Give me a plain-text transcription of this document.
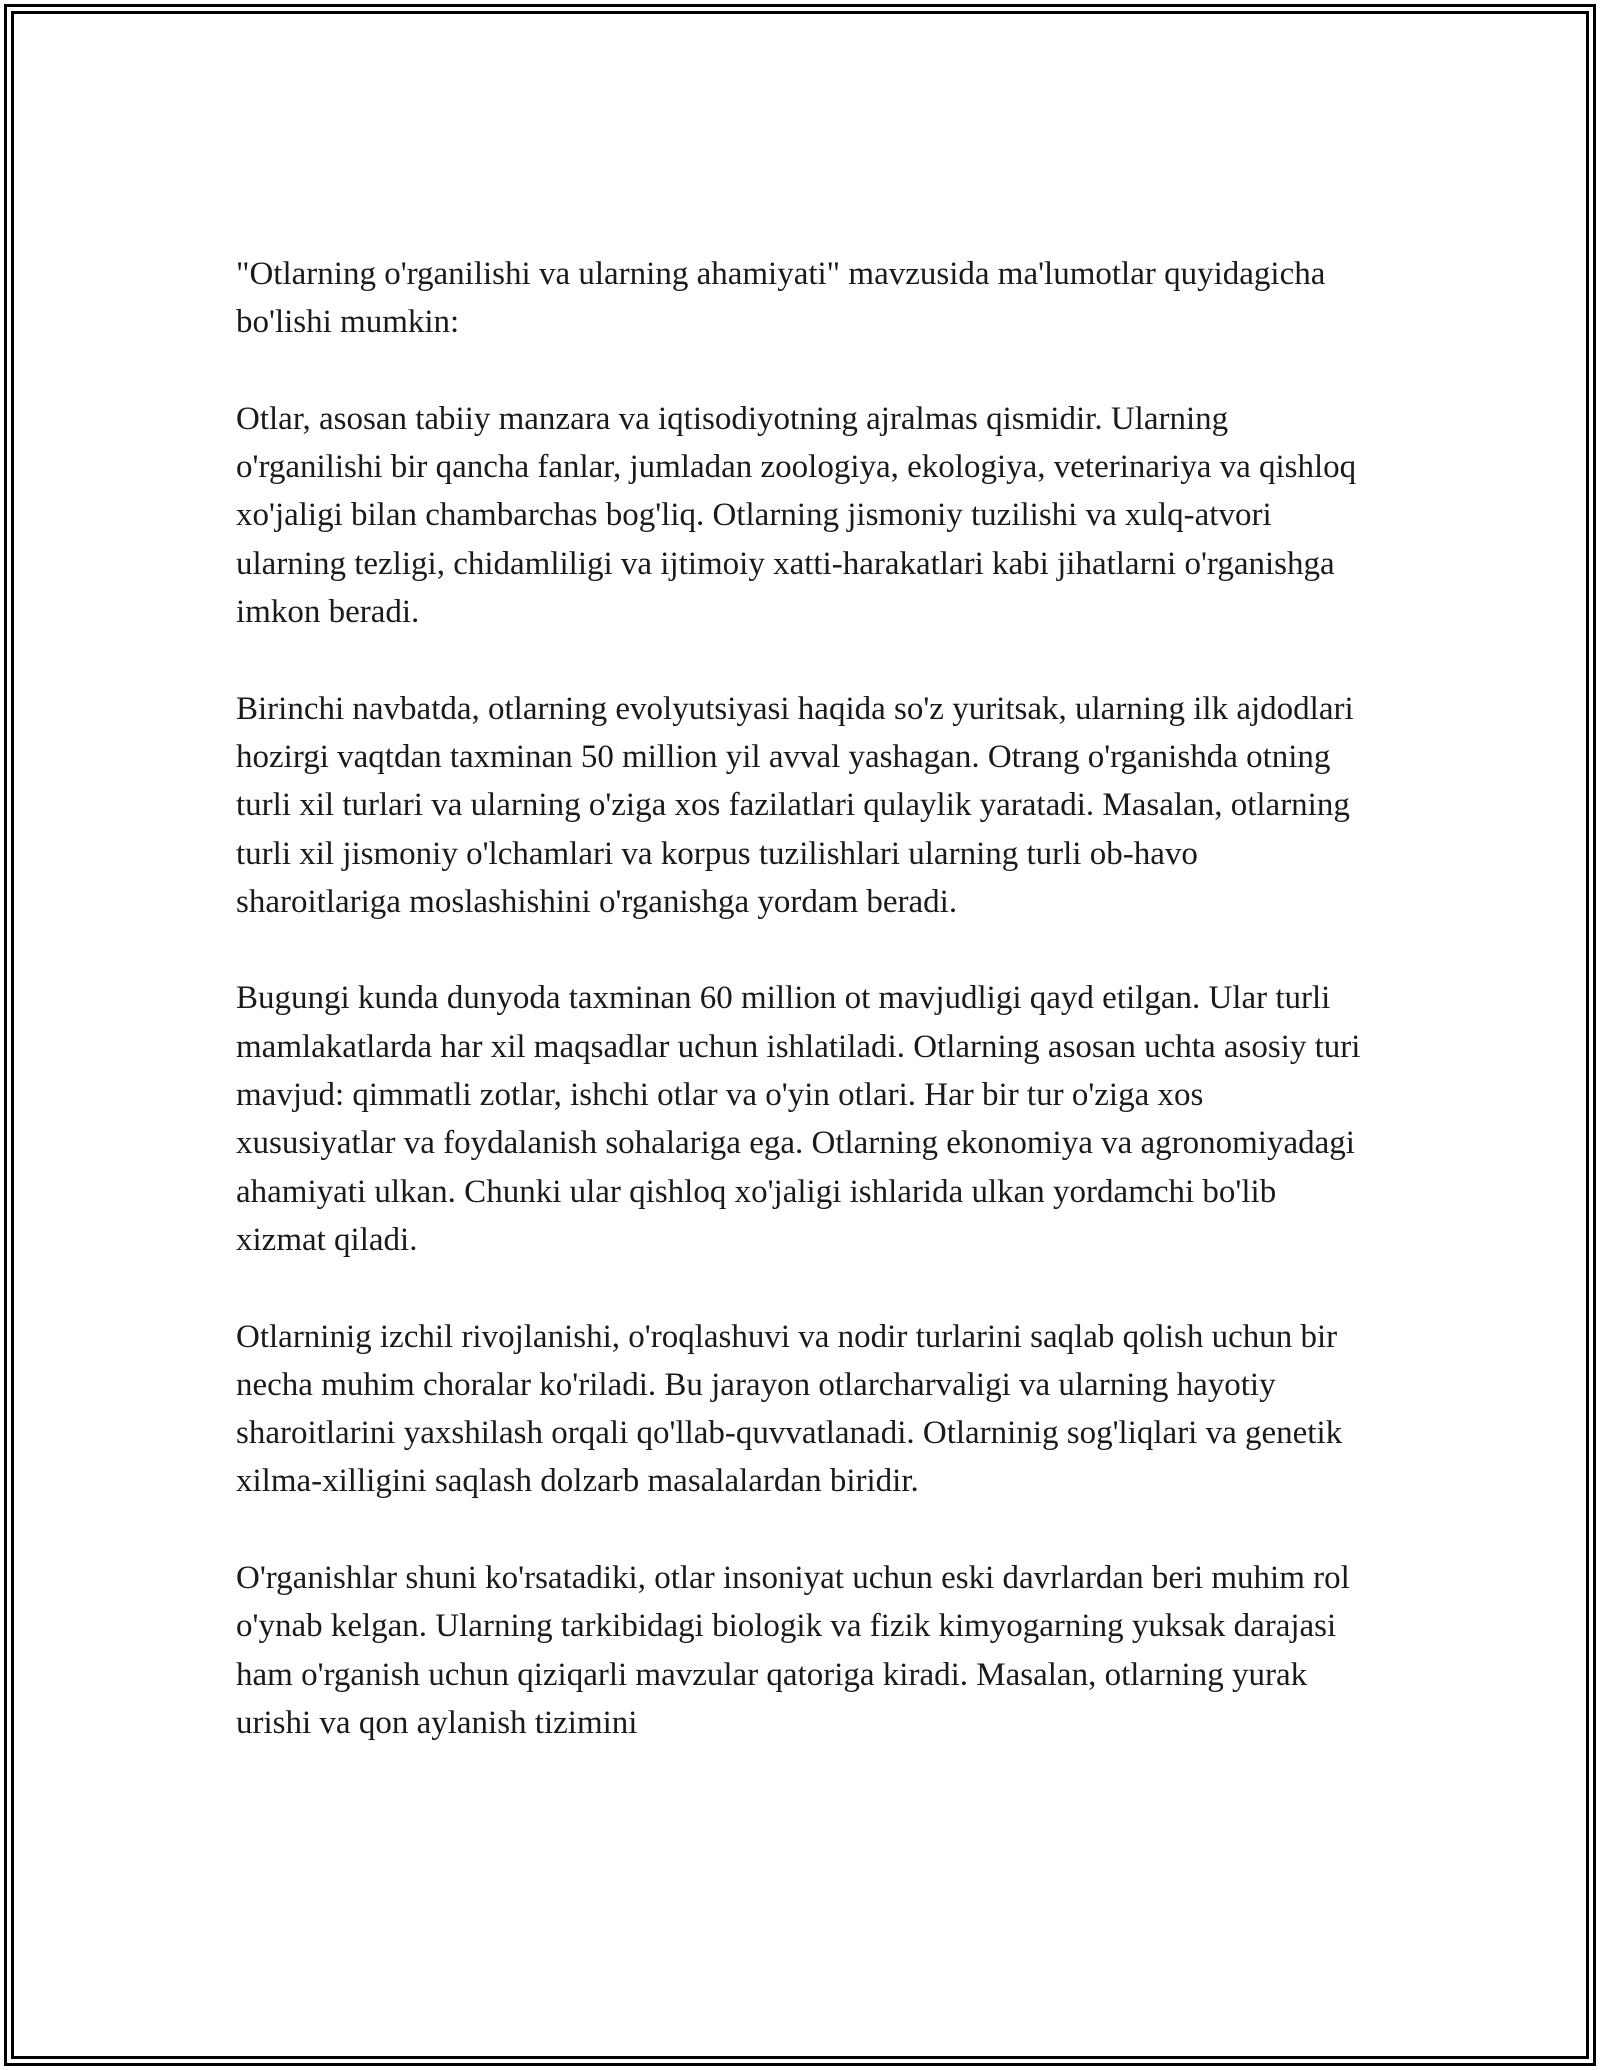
"Otlarning o'rganilishi va ularning ahamiyati" mavzusida ma'lumotlar quyidagicha bo'lishi mumkin:

Otlar, asosan tabiiy manzara va iqtisodiyotning ajralmas qismidir. Ularning o'rganilishi bir qancha fanlar, jumladan zoologiya, ekologiya, veterinariya va qishloq xo'jaligi bilan chambarchas bog'liq. Otlarning jismoniy tuzilishi va xulq-atvori ularning tezligi, chidamliligi va ijtimoiy xatti-harakatlari kabi jihatlarni o'rganishga imkon beradi.

Birinchi navbatda, otlarning evolyutsiyasi haqida so'z yuritsak, ularning ilk ajdodlari hozirgi vaqtdan taxminan 50 million yil avval yashagan. Otrang o'rganishda otning turli xil turlari va ularning o'ziga xos fazilatlari qulaylik yaratadi. Masalan, otlarning turli xil jismoniy o'lchamlari va korpus tuzilishlari ularning turli ob-havo sharoitlariga moslashishini o'rganishga yordam beradi.

Bugungi kunda dunyoda taxminan 60 million ot mavjudligi qayd etilgan. Ular turli mamlakatlarda har xil maqsadlar uchun ishlatiladi. Otlarning asosan uchta asosiy turi mavjud: qimmatli zotlar, ishchi otlar va o'yin otlari. Har bir tur o'ziga xos xususiyatlar va foydalanish sohalariga ega. Otlarning ekonomiya va agronomiyadagi ahamiyati ulkan. Chunki ular qishloq xo'jaligi ishlarida ulkan yordamchi bo'lib xizmat qiladi.

Otlarninig izchil rivojlanishi, o'roqlashuvi va nodir turlarini saqlab qolish uchun bir necha muhim choralar ko'riladi. Bu jarayon otlarcharvaligi va ularning hayotiy sharoitlarini yaxshilash orqali qo'llab-quvvatlanadi. Otlarninig sog'liqlari va genetik xilma-xilligini saqlash dolzarb masalalardan biridir.

O'rganishlar shuni ko'rsatadiki, otlar insoniyat uchun eski davrlardan beri muhim rol o'ynab kelgan. Ularning tarkibidagi biologik va fizik kimyogarning yuksak darajasi ham o'rganish uchun qiziqarli mavzular qatoriga kiradi. Masalan, otlarning yurak urishi va qon aylanish tizimini
